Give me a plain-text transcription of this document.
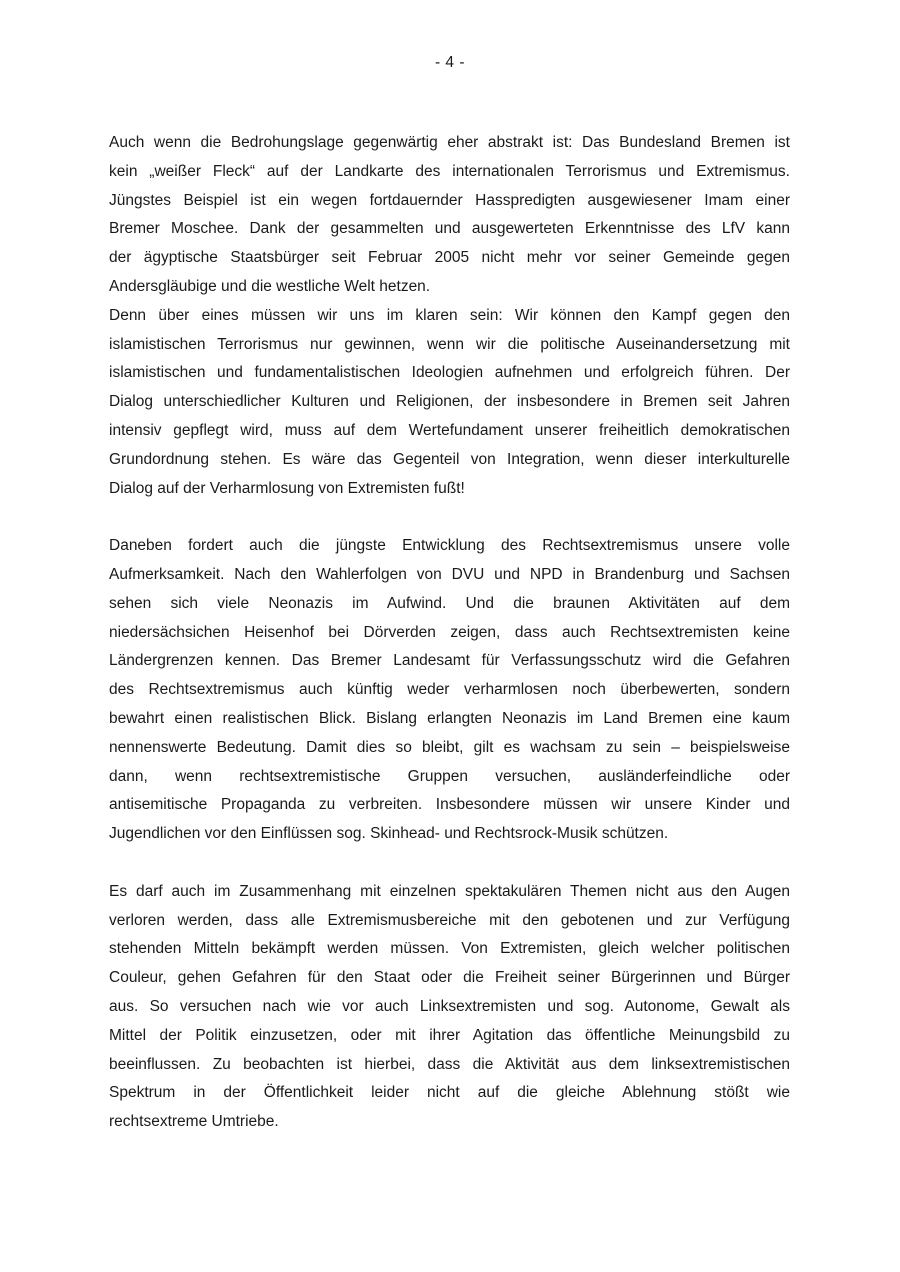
- 4 -
Auch wenn die Bedrohungslage gegenwärtig eher abstrakt ist: Das Bundesland Bremen ist
kein „weißer Fleck“ auf der Landkarte des internationalen Terrorismus und Extremismus.
Jüngstes Beispiel ist ein wegen fortdauernder Hasspredigten ausgewiesener Imam einer
Bremer Moschee. Dank der gesammelten und ausgewerteten Erkenntnisse des LfV kann
der ägyptische Staatsbürger seit Februar 2005 nicht mehr vor seiner Gemeinde gegen
Andersgläubige und die westliche Welt hetzen.
Denn über eines müssen wir uns im klaren sein: Wir können den Kampf gegen den
islamistischen Terrorismus nur gewinnen, wenn wir die politische Auseinandersetzung mit
islamistischen und fundamentalistischen Ideologien aufnehmen und erfolgreich führen. Der
Dialog unterschiedlicher Kulturen und Religionen, der insbesondere in Bremen seit Jahren
intensiv gepflegt wird, muss auf dem Wertefundament unserer freiheitlich demokratischen
Grundordnung stehen. Es wäre das Gegenteil von Integration, wenn dieser interkulturelle
Dialog auf der Verharmlosung von Extremisten fußt!
Daneben fordert auch die jüngste Entwicklung des Rechtsextremismus unsere volle
Aufmerksamkeit. Nach den Wahlerfolgen von DVU und NPD in Brandenburg und Sachsen
sehen sich viele Neonazis im Aufwind. Und die braunen Aktivitäten auf dem
niedersächsichen Heisenhof bei Dörverden zeigen, dass auch Rechtsextremisten keine
Ländergrenzen kennen. Das Bremer Landesamt für Verfassungsschutz wird die Gefahren
des Rechtsextremismus auch künftig weder verharmlosen noch überbewerten, sondern
bewahrt einen realistischen Blick. Bislang erlangten Neonazis im Land Bremen eine kaum
nennenswerte Bedeutung. Damit dies so bleibt, gilt es wachsam zu sein – beispielsweise
dann, wenn rechtsextremistische Gruppen versuchen, ausländerfeindliche oder
antisemitische Propaganda zu verbreiten. Insbesondere müssen wir unsere Kinder und
Jugendlichen vor den Einflüssen sog. Skinhead- und Rechtsrock-Musik schützen.
Es darf auch im Zusammenhang mit einzelnen spektakulären Themen nicht aus den Augen
verloren werden, dass alle Extremismusbereiche mit den gebotenen und zur Verfügung
stehenden Mitteln bekämpft werden müssen. Von Extremisten, gleich welcher politischen
Couleur, gehen Gefahren für den Staat oder die Freiheit seiner Bürgerinnen und Bürger
aus. So versuchen nach wie vor auch Linksextremisten und sog. Autonome, Gewalt als
Mittel der Politik einzusetzen, oder mit ihrer Agitation das öffentliche Meinungsbild zu
beeinflussen. Zu beobachten ist hierbei, dass die Aktivität aus dem linksextremistischen
Spektrum in der Öffentlichkeit leider nicht auf die gleiche Ablehnung stößt wie
rechtsextreme Umtriebe.
